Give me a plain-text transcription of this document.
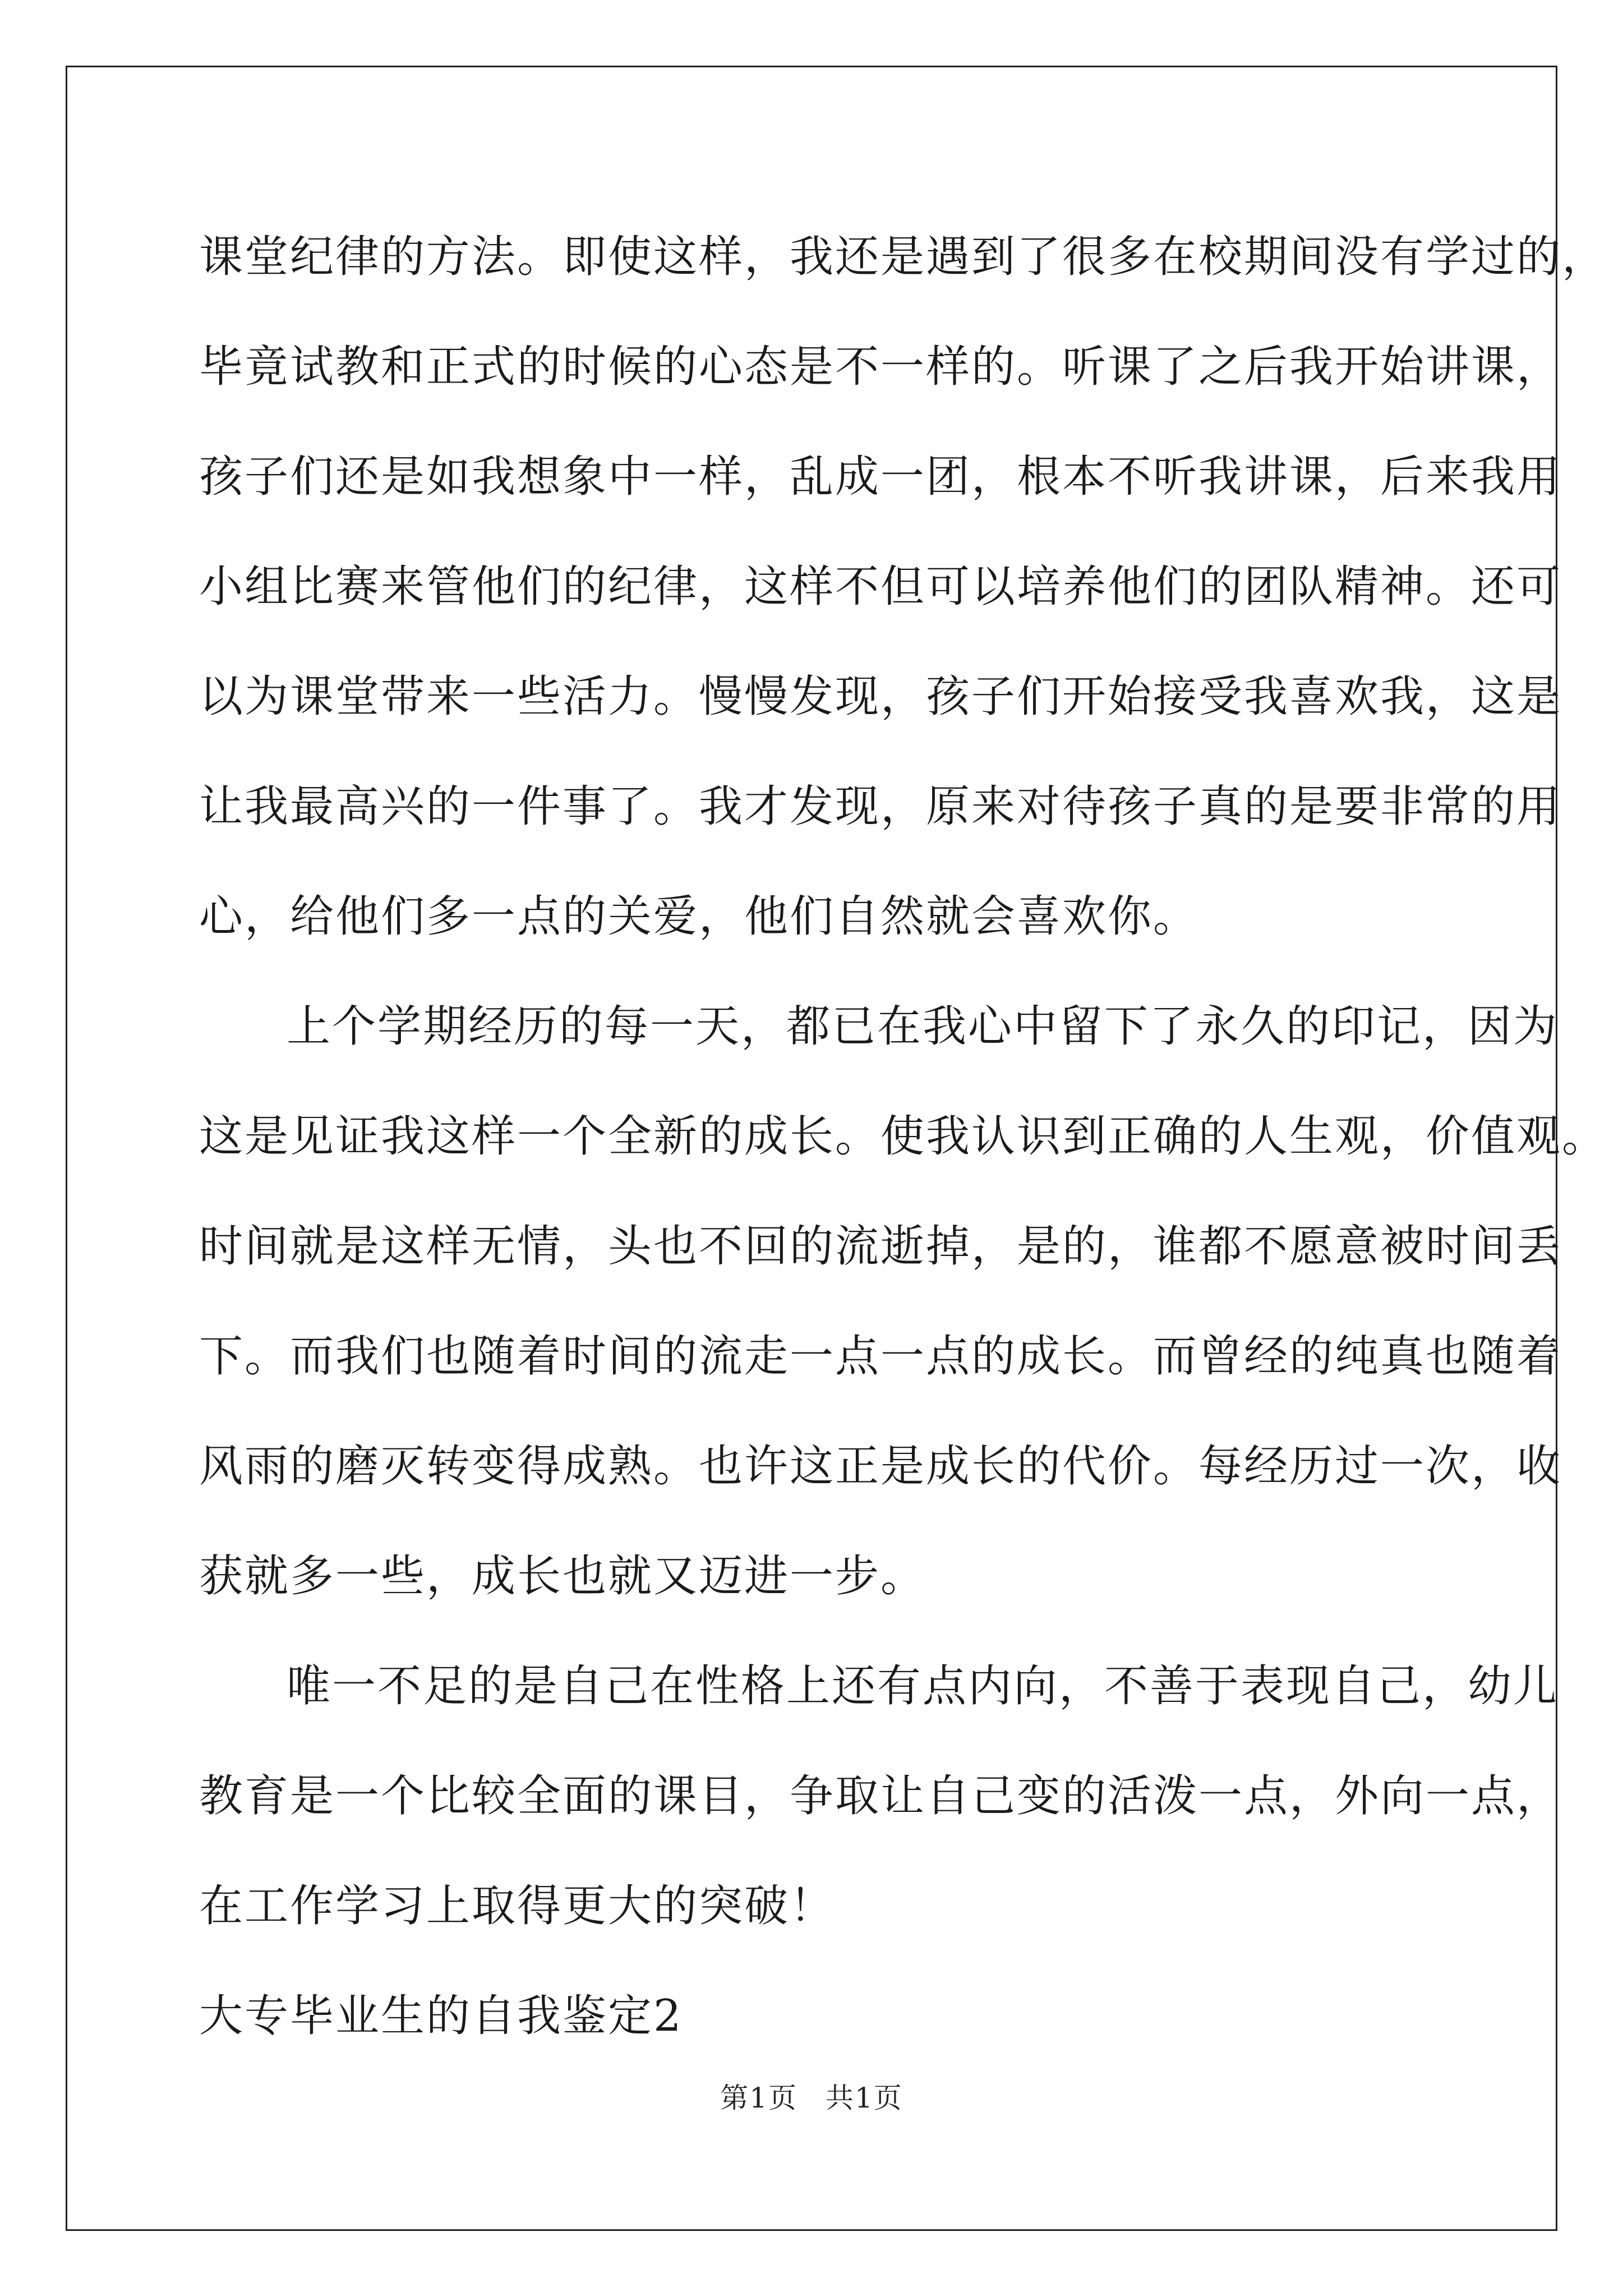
课堂纪律的方法。即使这样，我还是遇到了很多在校期间没有学过的，
毕竟试教和正式的时候的心态是不一样的。听课了之后我开始讲课，
孩子们还是如我想象中一样，乱成一团，根本不听我讲课，后来我用
小组比赛来管他们的纪律，这样不但可以培养他们的团队精神。还可
以为课堂带来一些活力。慢慢发现，孩子们开始接受我喜欢我，这是
让我最高兴的一件事了。我才发现，原来对待孩子真的是要非常的用
心，给他们多一点的关爱，他们自然就会喜欢你。
上个学期经历的每一天，都已在我心中留下了永久的印记，因为
这是见证我这样一个全新的成长。使我认识到正确的人生观，价值观。
时间就是这样无情，头也不回的流逝掉，是的，谁都不愿意被时间丢
下。而我们也随着时间的流走一点一点的成长。而曾经的纯真也随着
风雨的磨灭转变得成熟。也许这正是成长的代价。每经历过一次，收
获就多一些，成长也就又迈进一步。
唯一不足的是自己在性格上还有点内向，不善于表现自己，幼儿
教育是一个比较全面的课目，争取让自己变的活泼一点，外向一点，
在工作学习上取得更大的突破！
大专毕业生的自我鉴定2
第1页 共1页
